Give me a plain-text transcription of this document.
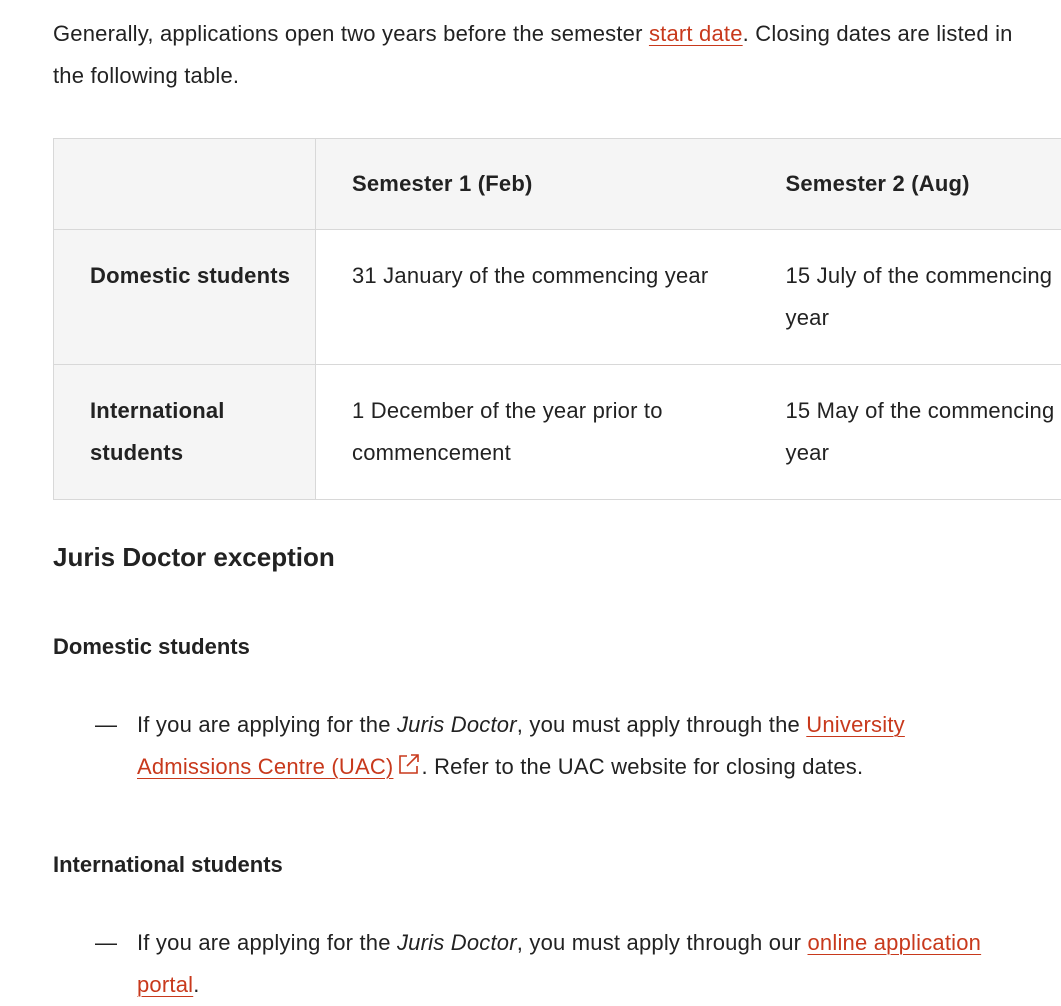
Generally, applications open two years before the semester start date. Closing dates are listed in the following table.

	Semester 1 (Feb)	Semester 2 (Aug)
Domestic students	31 January of the commencing year	15 July of the commencing year
International students	1 December of the year prior to commencement	15 May of the commencing year
Juris Doctor exception
Domestic students
— If you are applying for the Juris Doctor, you must apply through the University Admissions Centre (UAC) . Refer to the UAC website for closing dates.
International students
— If you are applying for the Juris Doctor, you must apply through our online application portal.
